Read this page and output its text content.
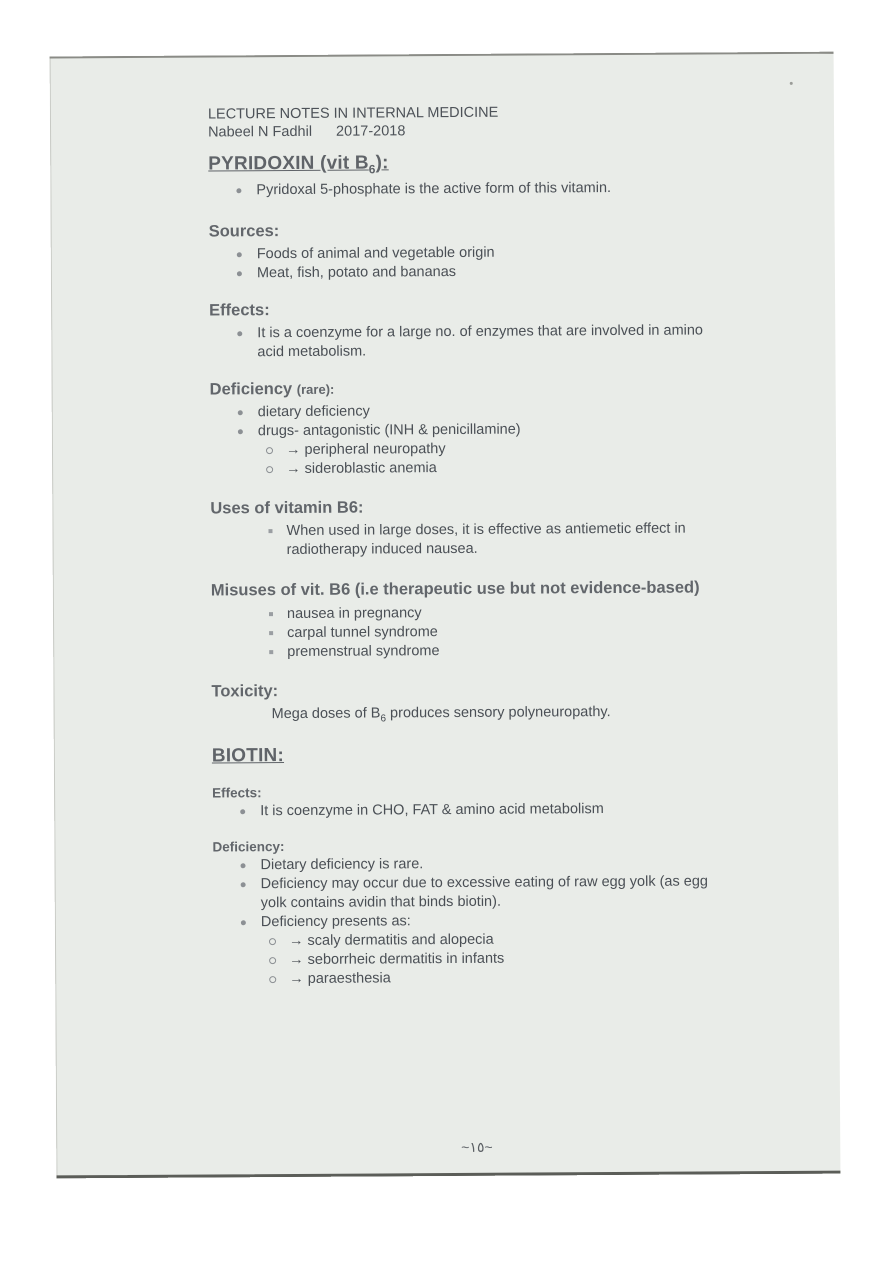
LECTURE NOTES IN INTERNAL MEDICINE

Nabeel N Fadhil 2017-2018

PYRIDOXIN (vit $B_6$):
Pyridoxal 5-phosphate is the active form of this vitamin.
Sources:
Foods of animal and vegetable origin
Meat, fish, potato and bananas
Effects:
It is a coenzyme for a large no. of enzymes that are involved in amino acid metabolism.
Deficiency (rare):
dietary deficiency
drugs- antagonistic (INH & penicillamine)
→ peripheral neuropathy
→ sideroblastic anemia
Uses of vitamin B6:
When used in large doses, it is effective as antiemetic effect in radiotherapy induced nausea.
Misuses of vit. B6 (i.e therapeutic use but not evidence-based)
nausea in pregnancy
carpal tunnel syndrome
premenstrual syndrome
Toxicity:
Mega doses of $B_6$ produces sensory polyneuropathy.
BIOTIN:
Effects:
It is coenzyme in CHO, FAT & amino acid metabolism
Deficiency:
Dietary deficiency is rare.
Deficiency may occur due to excessive eating of raw egg yolk (as egg yolk contains avidin that binds biotin).
Deficiency presents as:
→ scaly dermatitis and alopecia
→ seborrheic dermatitis in infants
→ paraesthesia
~١٥~
